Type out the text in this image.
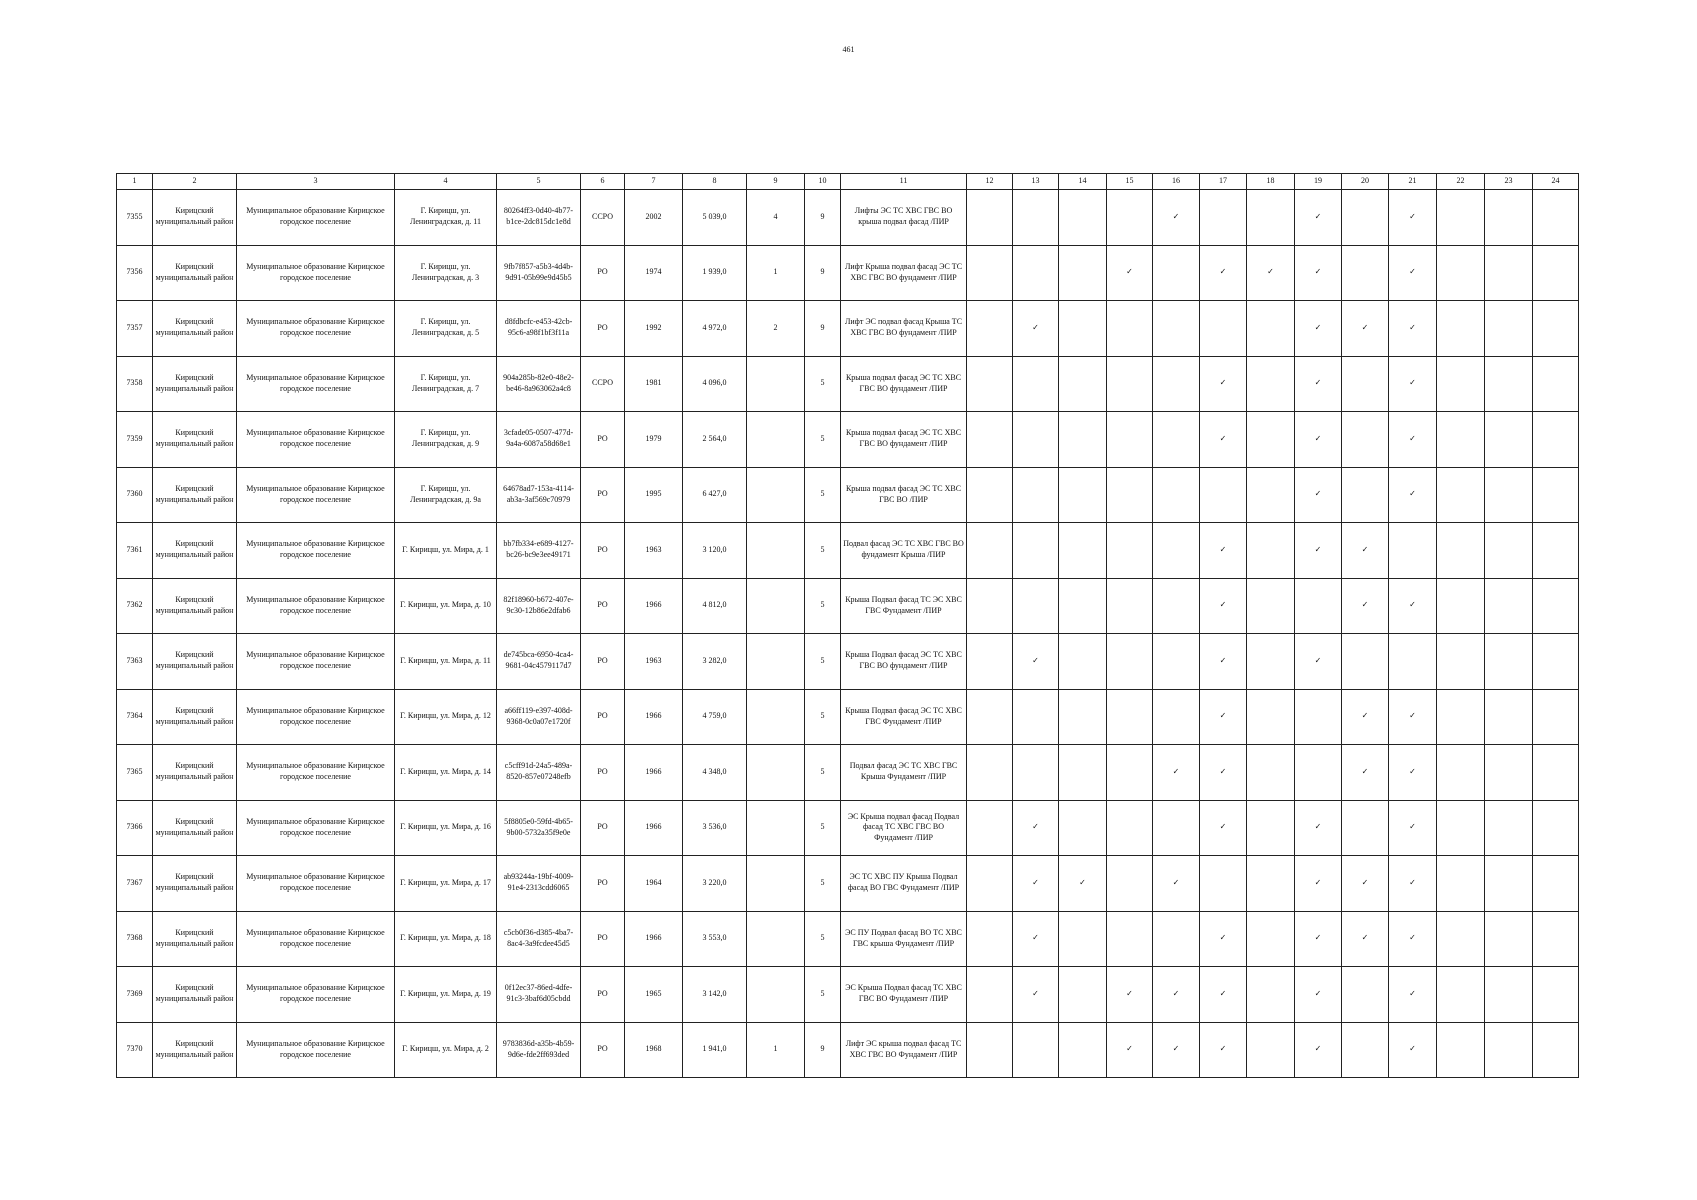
461
1	2	3	4	5	6	7	8	9	10	11	12	13	14	15	16	17	18	19	20	21	22	23	24
7355	Кирицский муниципальный район	Муниципальное образование Кирицское городское поселение	Г. Кирицш, ул. Ленинградская, д. 11	80264ff3-0d40-4b77-b1ce-2dc815dc1e8d	ССРО	2002	5 039,0	4	9	Лифты ЭС ТС ХВС ГВС ВО крыша подвал фасад /ПИР					✓			✓		✓			
7356	Кирицский муниципальный район	Муниципальное образование Кирицское городское поселение	Г. Кирицш, ул. Ленинградская, д. 3	9fb7f857-a5b3-4d4b-9d91-05b99e9d45b5	РО	1974	1 939,0	1	9	Лифт Крыша подвал фасад ЭС ТС ХВС ГВС ВО фундамент /ПИР				✓		✓	✓	✓		✓			
7357	Кирицский муниципальный район	Муниципальное образование Кирицское городское поселение	Г. Кирицш, ул. Ленинградская, д. 5	d8fdbcfc-e453-42cb-95c6-a98f1bf3f11a	РО	1992	4 972,0	2	9	Лифт ЭС подвал фасад Крыша ТС ХВС ГВС ВО фундамент /ПИР		✓						✓	✓	✓			
7358	Кирицский муниципальный район	Муниципальное образование Кирицское городское поселение	Г. Кирицш, ул. Ленинградская, д. 7	904a285b-82e0-48e2-be46-8a963062a4c8	ССРО	1981	4 096,0		5	Крыша подвал фасад ЭС ТС ХВС ГВС ВО фундамент /ПИР						✓		✓		✓			
7359	Кирицский муниципальный район	Муниципальное образование Кирицское городское поселение	Г. Кирицш, ул. Ленинградская, д. 9	3cfade05-0507-477d-9a4a-6087a58d68e1	РО	1979	2 564,0		5	Крыша подвал фасад ЭС ТС ХВС ГВС ВО фундамент /ПИР						✓		✓		✓			
7360	Кирицский муниципальный район	Муниципальное образование Кирицское городское поселение	Г. Кирицш, ул. Ленинградская, д. 9а	64678ad7-153a-4114-ab3a-3af569c70979	РО	1995	6 427,0		5	Крыша подвал фасад ЭС ТС ХВС ГВС ВО /ПИР								✓		✓			
7361	Кирицский муниципальный район	Муниципальное образование Кирицское городское поселение	Г. Кирицш, ул. Мира, д. 1	bb7fb334-e689-4127-bc26-bc9e3ee49171	РО	1963	3 120,0		5	Подвал фасад ЭС ТС ХВС ГВС ВО фундамент Крыша /ПИР						✓		✓	✓				
7362	Кирицский муниципальный район	Муниципальное образование Кирицское городское поселение	Г. Кирицш, ул. Мира, д. 10	82f18960-b672-407e-9c30-12b86e2dfab6	РО	1966	4 812,0		5	Крыша Подвал фасад ТС ЭС ХВС ГВС Фундамент /ПИР						✓			✓	✓			
7363	Кирицский муниципальный район	Муниципальное образование Кирицское городское поселение	Г. Кирицш, ул. Мира, д. 11	de745bca-6950-4ca4-9681-04c4579117d7	РО	1963	3 282,0		5	Крыша Подвал фасад ЭС ТС ХВС ГВС ВО фундамент /ПИР		✓				✓		✓					
7364	Кирицский муниципальный район	Муниципальное образование Кирицское городское поселение	Г. Кирицш, ул. Мира, д. 12	a66ff119-e397-408d-9368-0c0a07e1720f	РО	1966	4 759,0		5	Крыша Подвал фасад ЭС ТС ХВС ГВС Фундамент /ПИР						✓			✓	✓			
7365	Кирицский муниципальный район	Муниципальное образование Кирицское городское поселение	Г. Кирицш, ул. Мира, д. 14	c5cff91d-24a5-489a-8520-857e07248efb	РО	1966	4 348,0		5	Подвал фасад ЭС ТС ХВС ГВС Крыша Фундамент /ПИР					✓	✓			✓	✓			
7366	Кирицский муниципальный район	Муниципальное образование Кирицское городское поселение	Г. Кирицш, ул. Мира, д. 16	5f8805e0-59fd-4b65-9b00-5732a35f9e0e	РО	1966	3 536,0		5	ЭС Крыша подвал фасад Подвал фасад ТС ХВС ГВС ВО Фундамент /ПИР		✓				✓		✓		✓			
7367	Кирицский муниципальный район	Муниципальное образование Кирицское городское поселение	Г. Кирицш, ул. Мира, д. 17	ab93244a-19bf-4009-91e4-2313cdd6065	РО	1964	3 220,0		5	ЭС ТС ХВС ПУ Крыша Подвал фасад ВО ГВС Фундамент /ПИР		✓	✓		✓			✓	✓	✓			
7368	Кирицский муниципальный район	Муниципальное образование Кирицское городское поселение	Г. Кирицш, ул. Мира, д. 18	c5cb0f36-d385-4ba7-8ac4-3a9fcdee45d5	РО	1966	3 553,0		5	ЭС ПУ Подвал фасад ВО ТС ХВС ГВС крыша Фундамент /ПИР		✓				✓		✓	✓	✓			
7369	Кирицский муниципальный район	Муниципальное образование Кирицское городское поселение	Г. Кирицш, ул. Мира, д. 19	0f12ec37-86ed-4dfe-91c3-3baf6d05cbdd	РО	1965	3 142,0		5	ЭС Крыша Подвал фасад ТС ХВС ГВС ВО Фундамент /ПИР		✓		✓	✓	✓		✓		✓			
7370	Кирицский муниципальный район	Муниципальное образование Кирицское городское поселение	Г. Кирицш, ул. Мира, д. 2	9783836d-a35b-4b59-9d6e-fde2ff693ded	РО	1968	1 941,0	1	9	Лифт ЭС крыша подвал фасад ТС ХВС ГВС ВО Фундамент /ПИР				✓	✓	✓		✓		✓			
